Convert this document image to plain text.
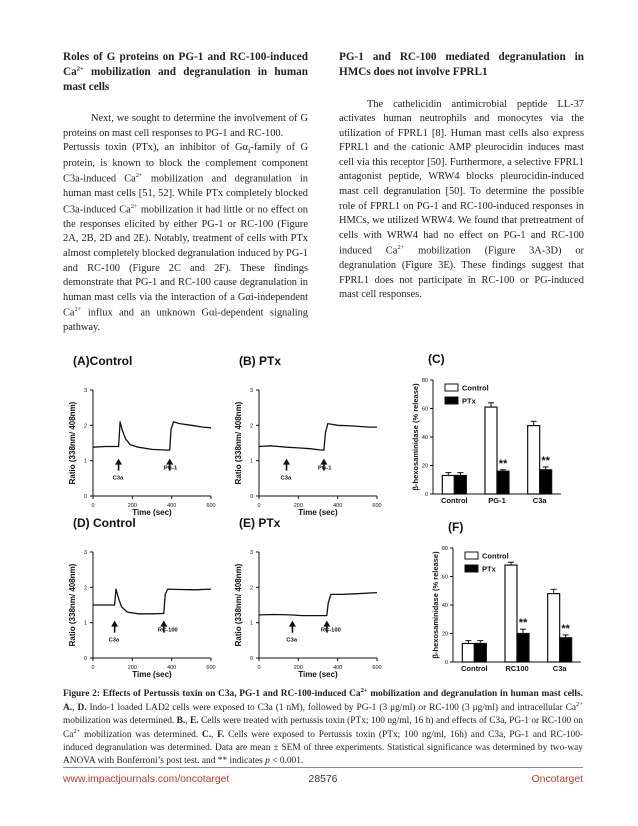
Roles of G proteins on PG-1 and RC-100-induced $Ca^{2+}$ mobilization and degranulation in human mast cells

Next, we sought to determine the involvement of G proteins on mast cell responses to PG-1 and RC-100.

Pertussis toxin (PTx), an inhibitor of $G\alpha_i$-family of G protein, is known to block the complement component C3a-induced $Ca^{2+}$ mobilization and degranulation in human mast cells [51, 52]. While PTx completely blocked C3a-induced $Ca^{2+}$ mobilization it had little or no effect on the responses elicited by either PG-1 or RC-100 (Figure 2A, 2B, 2D and 2E). Notably, treatment of cells with PTx almost completely blocked degranulation induced by PG-1 and RC-100 (Figure 2C and 2F). These findings demonstrate that PG-1 and RC-100 cause degranulation in human mast cells via the interaction of a Gαi-independent $Ca^{2+}$ influx and an unknown Gαi-dependent signaling pathway.

PG-1 and RC-100 mediated degranulation in HMCs does not involve FPRL1

The cathelicidin antimicrobial peptide LL-37 activates human neutrophils and monocytes via the utilization of FPRL1 [8]. Human mast cells also express FPRL1 and the cationic AMP pleurocidin induces mast cell via this receptor [50]. Furthermore, a selective FPRL1 antagonist peptide, WRW4 blocks pleurocidin-induced mast cell degranulation [50]. To determine the possible role of FPRL1 on PG-1 and RC-100-induced responses in HMCs, we utilized WRW4. We found that pretreatment of cells with WRW4 had no effect on PG-1 and RC-100 induced $Ca^{2+}$ mobilization (Figure 3A-3D) or degranulation (Figure 3E). These findings suggest that FPRL1 does not participate in RC-100 or PG-induced mast cell responses.

(A)Control
0
1
2
3
0	200	400	600
Time (sec)
Ratio (338nm/ 408nm)	C3a
PG-1
(B) PTx
0
1
2
3
0	200	400	600
Time (sec)
Ratio (338nm/ 408nm)	C3a
PG-1
(C)
0
20
40
60
80
β-hexosaminidase (% release)	Control
PTx
Control	PG-1
**
C3a
**
(D) Control
0
1
2
3
0	200	400	600
Time (sec)
Ratio (338nm/ 408nm)	C3a
RC-100
(E) PTx
0
1
2
3
0	200	400	600
Time (sec)
Ratio (338nm/ 408nm)	C3a
RC-100
(F)
0
20
40
60
80
β-hexosaminidase (% release)	Control
PTx
Control RC100
**
C3a
**

Figure 2: Effects of Pertussis toxin on C3a, PG-1 and RC-100-induced $Ca^{2+}$ mobilization and degranulation in human mast cells. A., D. Indo-1 loaded LAD2 cells were exposed to C3a (1 nM), followed by PG-1 (3 μg/ml) or RC-100 (3 μg/ml) and intracellular $Ca^{2+}$ mobilization was determined. B., E. Cells were treated with pertussis toxin (PTx; 100 ng/ml, 16 h) and effects of C3a, PG-1 or RC-100 on $Ca^{2+}$ mobilization was determined. C., F. Cells were exposed to Pertussis toxin (PTx; 100 ng/ml, 16h) and C3a, PG-1 and RC-100-induced degranulation was determined. Data are mean ± SEM of three experiments. Statistical significance was determined by two-way ANOVA with Bonferroni’s post test. and ** indicates p < 0.001.

www.impactjournals.com/oncotarget	28576	Oncotarget
